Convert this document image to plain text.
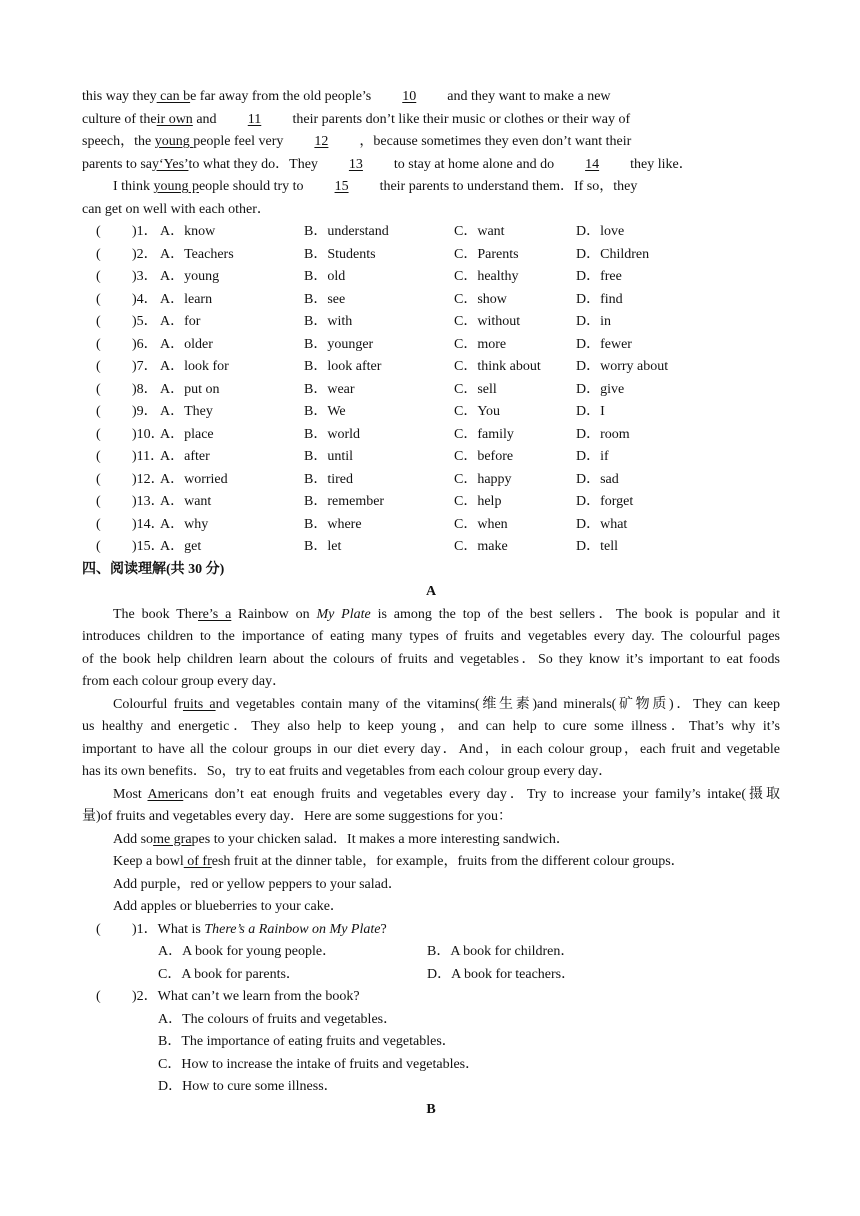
this way they can be far away from the old people’s 10 and they want to make a new
culture of their own and 11 their parents don’t like their music or clothes or their way of
speech，the young people feel very 12 ，because sometimes they even don’t want their
parents to say‘Yes’to what they do．They 13 to stay at home alone and do 14 they like．
I think young people should try to 15 their parents to understand them．If so，they
can get on well with each other．
( )1． A．know	B．understand	C．want	D．love
( )2． A．Teachers	B．Students	C．Parents	D．Children
( )3． A．young	B．old	C．healthy	D．free
( )4． A．learn	B．see	C．show	D．find
( )5． A．for	B．with	C．without	D．in
( )6． A．older	B．younger	C．more	D．fewer
( )7． A．look for	B．look after	C．think about	D．worry about
( )8． A．put on	B．wear	C．sell	D．give
( )9． A．They	B．We	C．You	D．I
( )10．
A．place	B．world	C．family	D．room
( )11．
A．after	B．until	C．before	D．if
( )12．
A．worried	B．tired	C．happy	D．sad
( )13．
A．want	B．remember	C．help	D．forget
( )14．
A．why	B．where	C．when	D．what
( )15．
A．get	B．let	C．make	D．tell
四、阅读理解(共 30 分)
A
The book There’s a Rainbow on My Plate is among the top of the best sellers．The book is popular and it
introduces children to the importance of eating many types of fruits and vegetables every day. The colourful pages
of the book help children learn about the colours of fruits and vegetables．So they know it’s important to eat foods
from each colour group every day．
Colourful fruits and vegetables contain many of the vitamins(维生素)and minerals(矿物质)．They can keep
us healthy and energetic．They also help to keep young，and can help to cure some illness．That’s why it’s
important to have all the colour groups in our diet every day．And，in each colour group，each fruit and vegetable
has its own benefits．So，try to eat fruits and vegetables from each colour group every day．
Most Americans don’t eat enough fruits and vegetables every day．Try to increase your family’s intake(摄取
量)of fruits and vegetables every day．Here are some suggestions for you：
Add some grapes to your chicken salad．It makes a more interesting sandwich．
Keep a bowl of fresh fruit at the dinner table，for example，fruits from the different colour groups．
Add purple，red or yellow peppers to your salad．
Add apples or blueberries to your cake．
( )1．What is There’s a Rainbow on My Plate?
A．A book for young people．	B．A book for children．
C．A book for parents．	D．A book for teachers．
( )2．What can’t we learn from the book?
A．The colours of fruits and vegetables．
B．The importance of eating fruits and vegetables．
C．How to increase the intake of fruits and vegetables．
D．How to cure some illness．
B
